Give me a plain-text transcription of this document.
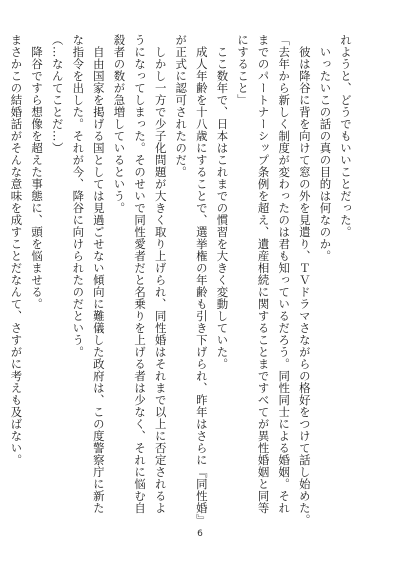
れようと、どうでもいいことだった。

　いったいこの話の真の目的は何なのか。

　彼は降谷に背を向けて窓の外を見遣り、ＴＶドラマさながらの格好をつけて話し始めた。

「去年から新しく制度が変わったのは君も知っているだろう。同性同士による婚姻。それ

までのパートナーシップ条例を超え、遺産相続に関することまですべてが異性婚姻と同等

にすること」

　ここ数年で、日本はこれまでの慣習を大きく変動していた。

　成人年齢を十八歳にすることで、選挙権の年齢も引き下げられ、昨年はさらに『同性婚』

が正式に認可されたのだ。

　しかし一方で少子化問題が大きく取り上げられ、同性婚はそれまで以上に否定されるよ

うになってしまった。そのせいで同性愛者だと名乗りを上げる者は少なく、それに悩む自

殺者の数が急増しているという。

　自由国家を掲げる国としては見過ごせない傾向に難儀した政府は、この度警察庁に新た

な指令を出した。それが今、降谷に向けられたのだという。

（…なんてことだ…）

　降谷ですら想像を超えた事態に、頭を悩ませる。

まさかこの結婚話がそんな意味を成すことだなんて、さすがに考えも及ばない。

6
